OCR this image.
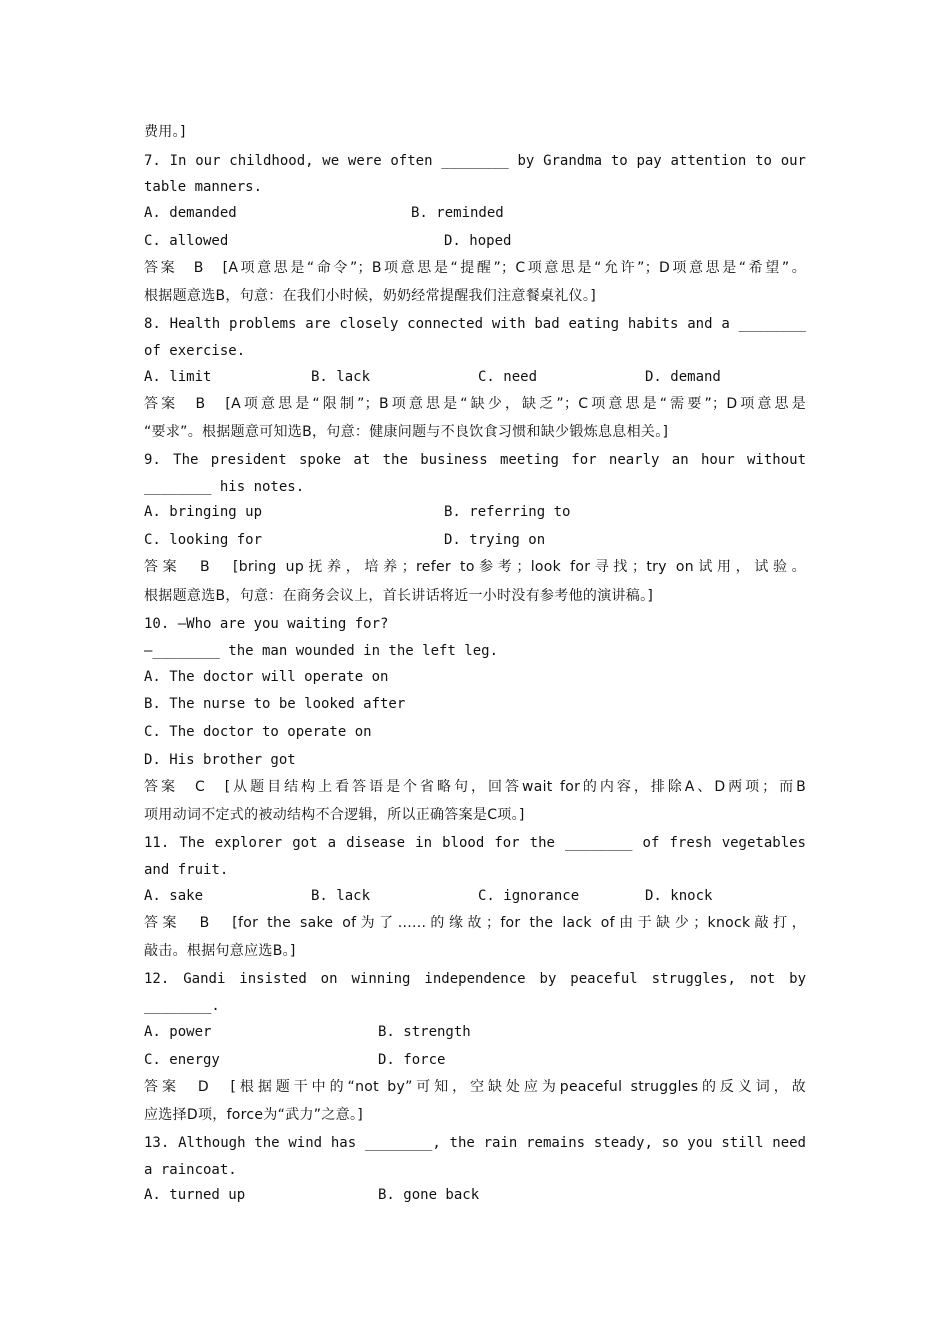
费用。]
7. In our childhood, we were often ________ by Grandma to pay attention to our
table manners.
A. demanded	B. reminded
C. allowed	D. hoped
答案　B　[A项意思是“命令”；B项意思是“提醒”；C项意思是“允许”；D项意思是“希望”。
根据题意选B，句意：在我们小时候，奶奶经常提醒我们注意餐桌礼仪。]
8. Health problems are closely connected with bad eating habits and a ________
of exercise.
A. limit	B. lack	C. need	D. demand
答案　B　[A项意思是“限制”；B项意思是“缺少，缺乏”；C项意思是“需要”；D项意思是
“要求”。根据题意可知选B，句意：健康问题与不良饮食习惯和缺少锻炼息息相关。]
9. The president spoke at the business meeting for nearly an hour without
________ his notes.
A. bringing up	B. referring to
C. looking for	D. trying on
答案　B　[bring up抚养，培养；refer to参考；look for寻找；try on试用，试验。
根据题意选B，句意：在商务会议上，首长讲话将近一小时没有参考他的演讲稿。]
10. —Who are you waiting for?
—________ the man wounded in the left leg.
A. The doctor will operate on
B. The nurse to be looked after
C. The doctor to operate on
D. His brother got
答案　C　[从题目结构上看答语是个省略句，回答wait for的内容，排除A、D两项；而B
项用动词不定式的被动结构不合逻辑，所以正确答案是C项。]
11. The explorer got a disease in blood for the ________ of fresh vegetables
and fruit.
A. sake	B. lack	C. ignorance	D. knock
答案　B　[for the sake of为了......的缘故；for the lack of由于缺少；knock敲打，
敲击。根据句意应选B。]
12. Gandi insisted on winning independence by peaceful struggles, not by
________.
A. power	B. strength
C. energy	D. force
答案　D　[根据题干中的“not by”可知，空缺处应为peaceful struggles的反义词，故
应选择D项，force为“武力”之意。]
13. Although the wind has ________, the rain remains steady, so you still need
a raincoat.
A. turned up	B. gone back
